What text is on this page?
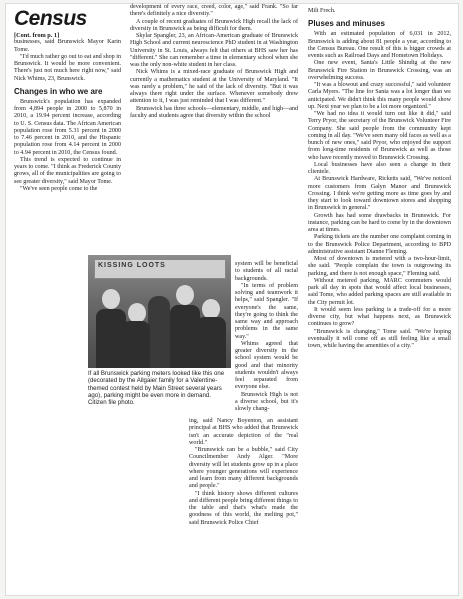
Census

[Cont. from p. 1]

businesses, said Brunswick Mayor Karin Tome.

"I'd much rather go out to eat and shop in Brunswick. It would be more convenient. There's just not much here right now," said Nick Whims, 23, Brunswick.

Changes in who we are

Brunswick's population has expanded from 4,894 people in 2000 to 5,870 in 2010, a 19.94 percent increase, according to U. S. Census data. The African American population rose from 5.31 percent in 2000 to 7.46 percent in 2010, and the Hispanic population rose from 4.14 percent in 2000 to 4.94 percent in 2010, the Census found.

This trend is expected to continue in years to come. "I think as Frederick County grows, all of the municipalities are going to see greater diversity," said Mayor Tome.

"We've seen people come to the

development of every race, creed, color, age," said Frank. "So far there's definitely a nice diversity."

A couple of recent graduates of Brunswick High recall the lack of diversity in Brunswick as being difficult for them.

Skylar Spangler, 23, an African-American graduate of Brunswick High School and current neuroscience PhD student in at Washington University in St. Louis, always felt that others at BHS saw her has "different." She can remember a time in elementary school when she was the only non-white student in her class.

Nick Whims is a mixed-race graduate of Brunswick High and currently a mathematics student at the University of Maryland. "It was rarely a problem," he said of the lack of diversity. "But it was always there right under the surface. Whenever somebody drew attention to it, I was just reminded that I was different."

Brunswick has three schools—elementary, middle, and high—and faculty and students agree that diversity within the school

system will be beneficial to students of all racial backgrounds.

"In terms of problem solving and teamwork it helps," said Spangler. "If everyone's the same, they're going to think the same way and approach problems in the same way."

Whims agreed that greater diversity in the school system would be good and that minority students wouldn't always feel separated from everyone else.

Brunswick High is not a diverse school, but it's slowly chang-

KISSING LOOTS
If all Brunswick parking meters looked like this one (decorated by the Allgaier family for a Valentine-themed contest held by Main Street several years ago), parking might be even more in demand. Citizen file photo.

ing, said Nancy Boyenton, an assistant principal at BHS who added that Brunswick isn't an accurate depiction of the "real world."

"Brunswick can be a bubble," said City Councilmember Andy Alger. "More diversity will let students grow up in a place where younger generations will experience and learn from many different backgrounds and people."

"I think history shows different cultures and different people bring different things to the table and that's what's made the goodness of this world, the melting pot," said Brunswick Police Chief

Milt Frech.

Pluses and minuses

With an estimated population of 6,031 in 2012, Brunswick is adding about 81 people a year, according to the Census Bureau. One result of this is bigger crowds at events such as Railroad Days and Hometown Holidays.

One new event, Santa's Little Shindig at the new Brunswick Fire Station in Brunswick Crossing, was an overwhelming success.

"It was a blowout and crazy successful," said volunteer Carla Myers. "The line for Santa was a lot longer than we anticipated. We didn't think this many people would show up. Next year we plan to be a lot more organized."

"We had no idea it would turn out like it did," said Terry Pryor, the secretary of the Brunswick Volunteer Fire Company. She said people from the community kept coming in all day. "We've seen many old faces as well as a bunch of new ones," said Pryor, who enjoyed the support from long-time residents of Brunswick as well as those who have recently moved to Brunswick Crossing.

Local businesses have also seen a change in their clientele.

At Brunswick Hardware, Ricketts said, "We've noticed more customers from Galyn Manor and Brunswick Crossing. I think we're getting more as time goes by and they start to look toward downtown stores and shopping in Brunswick in general."

Growth has had some drawbacks in Brunswick. For instance, parking can be hard to come by in the downtown area at times.

Parking tickets are the number one complaint coming in to the Brunswick Police Department, according to BPD administrative assistant Dianne Fleming.

Most of downtown is metered with a two-hour-limit, she said. "People complain the town is outgrowing its parking, and there is not enough space," Fleming said.

Without metered parking, MARC commuters would park all day in spots that would affect local businesses, said Tome, who added parking spaces are still available in the City permit lot.

It would seem less parking is a trade-off for a more diverse city, but what happens next, as Brunswick continues to grow?

"Brunswick is changing," Tome said. "We're hoping eventually it will come off as still feeling like a small town, while having the amenities of a city."
